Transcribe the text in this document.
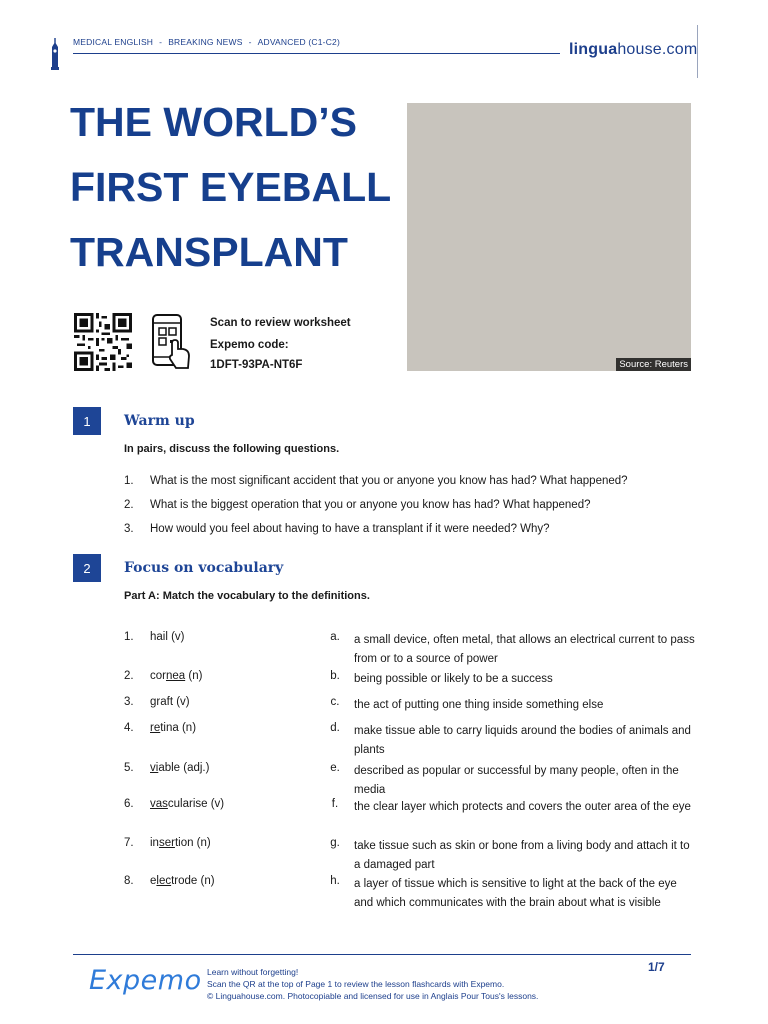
MEDICAL ENGLISH - BREAKING NEWS - ADVANCED (C1-C2)	linguahouse.com
THE WORLD’S
FIRST EYEBALL
TRANSPLANT
Source: Reuters
Scan to review worksheet
Expemo code:
1DFT-93PA-NT6F
1	Warm up
In pairs, discuss the following questions.
1.	What is the most significant accident that you or anyone you know has had? What happened?
2.	What is the biggest operation that you or anyone you know has had? What happened?
3.	How would you feel about having to have a transplant if it were needed? Why?
2	Focus on vocabulary
Part A: Match the vocabulary to the definitions.
1.	hail (v)	a.	a small device, often metal, that allows an electrical current to pass from or to a source of power
2.	cornea (n)	b.	being possible or likely to be a success
3.	graft (v)	c.	the act of putting one thing inside something else
4.	retina (n)	d.	make tissue able to carry liquids around the bodies of animals and plants
5.	viable (adj.)	e.	described as popular or successful by many people, often in the media
6.	vascularise (v)	f.	the clear layer which protects and covers the outer area of the eye
7.	insertion (n)	g.	take tissue such as skin or bone from a living body and attach it to a damaged part
8.	electrode (n)	h.	a layer of tissue which is sensitive to light at the back of the eye and which communicates with the brain about what is visible
Expemo Learn without forgetting!
Scan the QR at the top of Page 1 to review the lesson flashcards with Expemo.
© Linguahouse.com. Photocopiable and licensed for use in Anglais Pour Tous's lessons.
1/7
